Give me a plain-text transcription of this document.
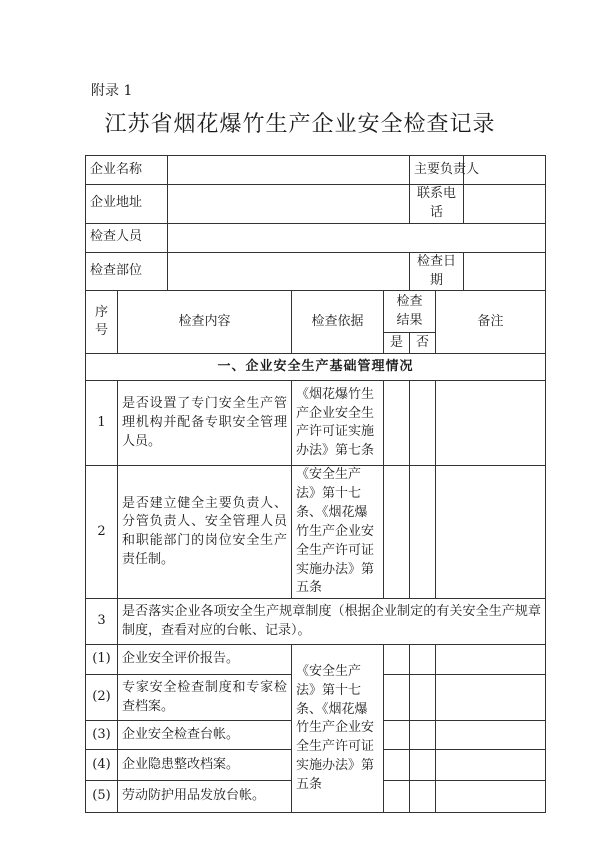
附录 1
江苏省烟花爆竹生产企业安全检查记录
企业名称					主要负责人		
企业地址					联系电话		
检查人员							
检查部位					检查日期		
序号	检查内容		检查依据	检查结果		备注	
				是	否		
一、企业安全生产基础管理情况							
1	是否设置了专门安全生产管理机构并配备专职安全管理人员。		《烟花爆竹生产企业安全生产许可证实施办法》第七条				
2	是否建立健全主要负责人、分管负责人、安全管理人员和职能部门的岗位安全生产责任制。		《安全生产法》第十七条、《烟花爆竹生产企业安全生产许可证实施办法》第五条				
3	是否落实企业各项安全生产规章制度（根据企业制定的有关安全生产规章制度，查看对应的台帐、记录）。						
(1)	企业安全评价报告。		《安全生产法》第十七条、《烟花爆竹生产企业安全生产许可证实施办法》第五条				
(2)	专家安全检查制度和专家检查档案。						
(3)	企业安全检查台帐。						
(4)	企业隐患整改档案。						
(5)	劳动防护用品发放台帐。						
